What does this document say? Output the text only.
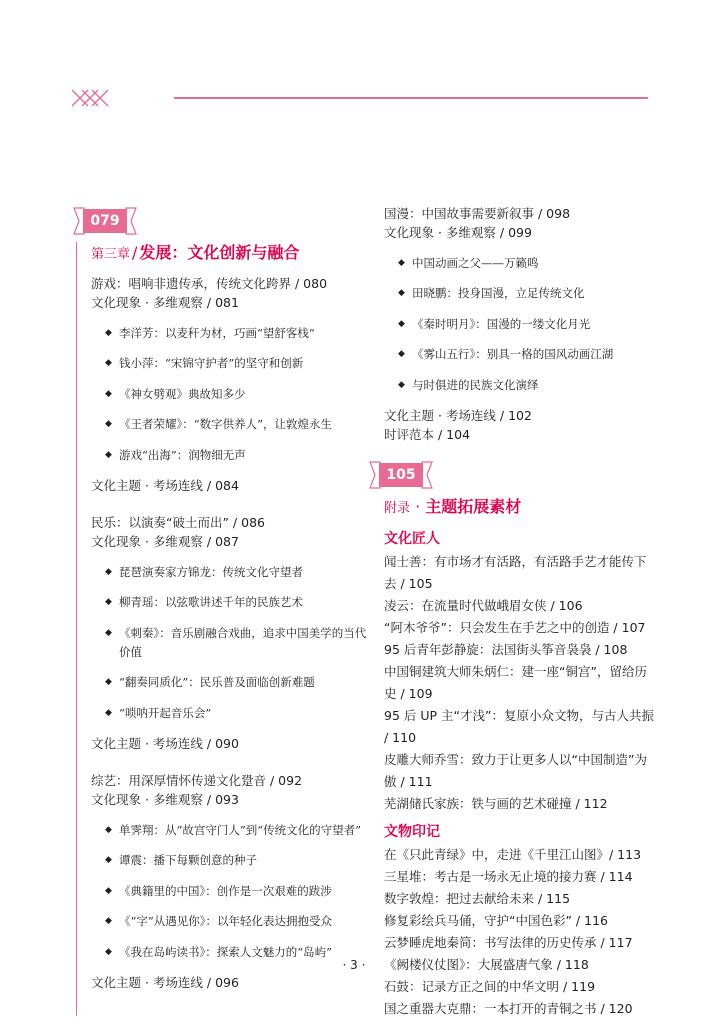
079
第三章 / 发展：文化创新与融合

游戏：唱响非遗传承，传统文化跨界 / 080

文化现象 · 多维观察 / 081

◆ 李洋芳：以麦秆为材，巧画“望舒客栈”

◆ 钱小萍：“宋锦守护者”的坚守和创新

◆ 《神女劈观》典故知多少

◆ 《王者荣耀》：“数字供养人”，让敦煌永生

◆ 游戏“出海”：润物细无声

文化主题 · 考场连线 / 084

民乐：以演奏“破土而出” / 086

文化现象 · 多维观察 / 087

◆ 琵琶演奏家方锦龙：传统文化守望者

◆ 柳青瑶：以弦歌讲述千年的民族艺术

◆ 《刺秦》：音乐剧融合戏曲，追求中国美学的当代价值

◆ “翻奏同质化”：民乐普及面临创新难题

◆ “唢呐开起音乐会”

文化主题 · 考场连线 / 090

综艺：用深厚情怀传递文化跫音 / 092

文化现象 · 多维观察 / 093

◆ 单霁翔：从“故宫守门人”到“传统文化的守望者”

◆ 谭震：播下每颗创意的种子

◆ 《典籍里的中国》：创作是一次艰难的跋涉

◆ 《“字”从遇见你》：以年轻化表达拥抱受众

◆ 《我在岛屿读书》：探索人文魅力的“岛屿”

文化主题 · 考场连线 / 096

国漫：中国故事需要新叙事 / 098

文化现象 · 多维观察 / 099

◆ 中国动画之父——万籁鸣

◆ 田晓鹏：投身国漫，立足传统文化

◆ 《秦时明月》：国漫的一缕文化月光

◆ 《雾山五行》：别具一格的国风动画江湖

◆ 与时俱进的民族文化演绎

文化主题 · 考场连线 / 102

时评范本 / 104

105
附录 · 主题拓展素材
文化匠人

闻士善：有市场才有活路，有活路手艺才能传下去 / 105

凌云：在流量时代做峨眉女侠 / 106

“阿木爷爷”：只会发生在手艺之中的创造 / 107

95 后青年彭静旋：法国街头筝音袅袅 / 108

中国铜建筑大师朱炳仁：建一座“铜宫”，留给历史 / 109

95 后 UP 主“才浅”：复原小众文物，与古人共振 / 110

皮雕大师乔雪：致力于让更多人以“中国制造”为傲 / 111

芜湖储氏家族：铁与画的艺术碰撞 / 112

文物印记

在《只此青绿》中，走进《千里江山图》/ 113

三星堆：考古是一场永无止境的接力赛 / 114

数字敦煌：把过去献给未来 / 115

修复彩绘兵马俑，守护“中国色彩” / 116

云梦睡虎地秦简：书写法律的历史传承 / 117

《阙楼仪仗图》：大展盛唐气象 / 118

石鼓：记录方正之间的中华文明 / 119

国之重器大克鼎：一本打开的青铜之书 / 120

· 3 ·
